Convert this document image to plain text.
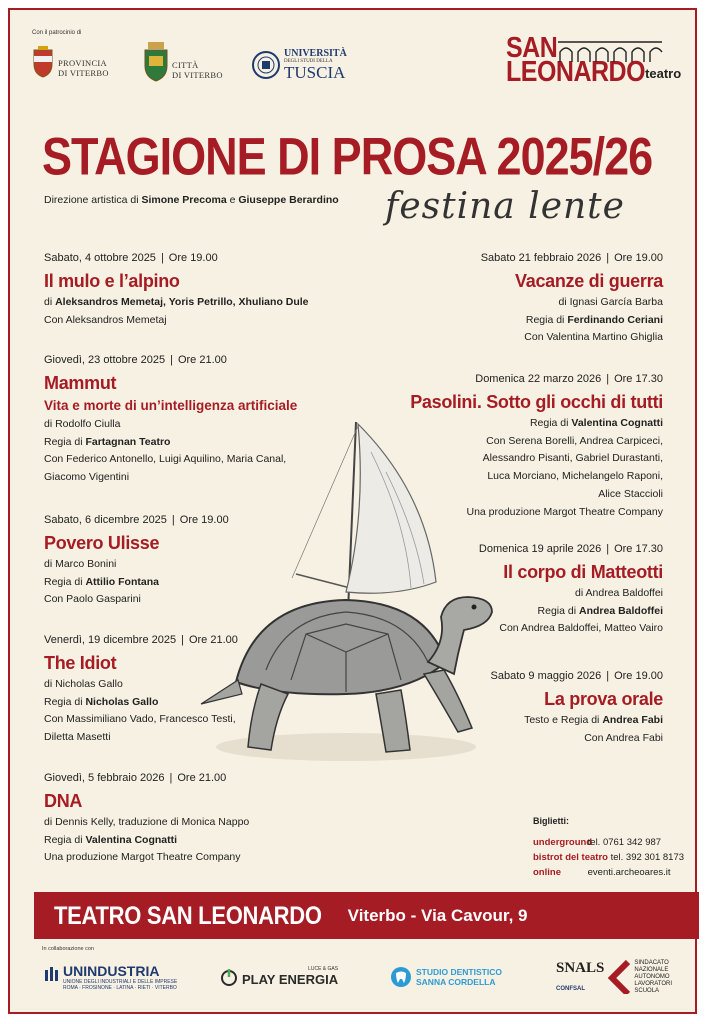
Con il patrocinio di
PROVINCIA
DI VITERBO
CITTÀ
DI VITERBO
UNIVERSITÀ
DEGLI STUDI DELLA
TUSCIA
SAN
LEONARDOteatro
STAGIONE DI PROSA 2025/26
Direzione artistica di Simone Precoma e Giuseppe Berardino festina lente
Sabato, 4 ottobre 2025 | Ore 19.00
Il mulo e l’alpino
di Aleksandros Memetaj, Yoris Petrillo, Xhuliano Dule
Con Aleksandros Memetaj
Giovedì, 23 ottobre 2025 | Ore 21.00
Mammut
Vita e morte di un’intelligenza artificiale
di Rodolfo Ciulla
Regia di Fartagnan Teatro
Con Federico Antonello, Luigi Aquilino, Maria Canal,
Giacomo Vigentini
Sabato, 6 dicembre 2025 | Ore 19.00
Povero Ulisse
di Marco Bonini
Regia di Attilio Fontana
Con Paolo Gasparini
Venerdì, 19 dicembre 2025 | Ore 21.00
The Idiot
di Nicholas Gallo
Regia di Nicholas Gallo
Con Massimiliano Vado, Francesco Testi,
Diletta Masetti
Giovedì, 5 febbraio 2026 | Ore 21.00
DNA
di Dennis Kelly, traduzione di Monica Nappo
Regia di Valentina Cognatti
Una produzione Margot Theatre Company
Sabato 21 febbraio 2026 | Ore 19.00
Vacanze di guerra
di Ignasi García Barba
Regia di Ferdinando Ceriani
Con Valentina Martino Ghiglia
Domenica 22 marzo 2026 | Ore 17.30
Pasolini. Sotto gli occhi di tutti
Regia di Valentina Cognatti
Con Serena Borelli, Andrea Carpiceci,
Alessandro Pisanti, Gabriel Durastanti,
Luca Morciano, Michelangelo Raponi,
Alice Staccioli
Una produzione Margot Theatre Company
Domenica 19 aprile 2026 | Ore 17.30
Il corpo di Matteotti
di Andrea Baldoffei
Regia di Andrea Baldoffei
Con Andrea Baldoffei, Matteo Vairo
Sabato 9 maggio 2026 | Ore 19.00
La prova orale
Testo e Regia di Andrea Fabi
Con Andrea Fabi
Biglietti:
underground tel. 0761 342 987
bistrot del teatro tel. 392 301 8173
online	eventi.archeoares.it
TEATRO SAN LEONARDO Viterbo - Via Cavour, 9
In collaborazione con
UNINDUSTRIA
UNIONE DEGLI INDUSTRIALI E DELLE IMPRESE
ROMA · FROSINONE · LATINA · RIETI · VITERBO
LUCE & GAS
PLAY ENERGIA	STUDIO DENTISTICO
SANNA CORDELLA
SNALS
CONFSAL
SINDACATO
NAZIONALE
AUTONOMO
LAVORATORI
SCUOLA
